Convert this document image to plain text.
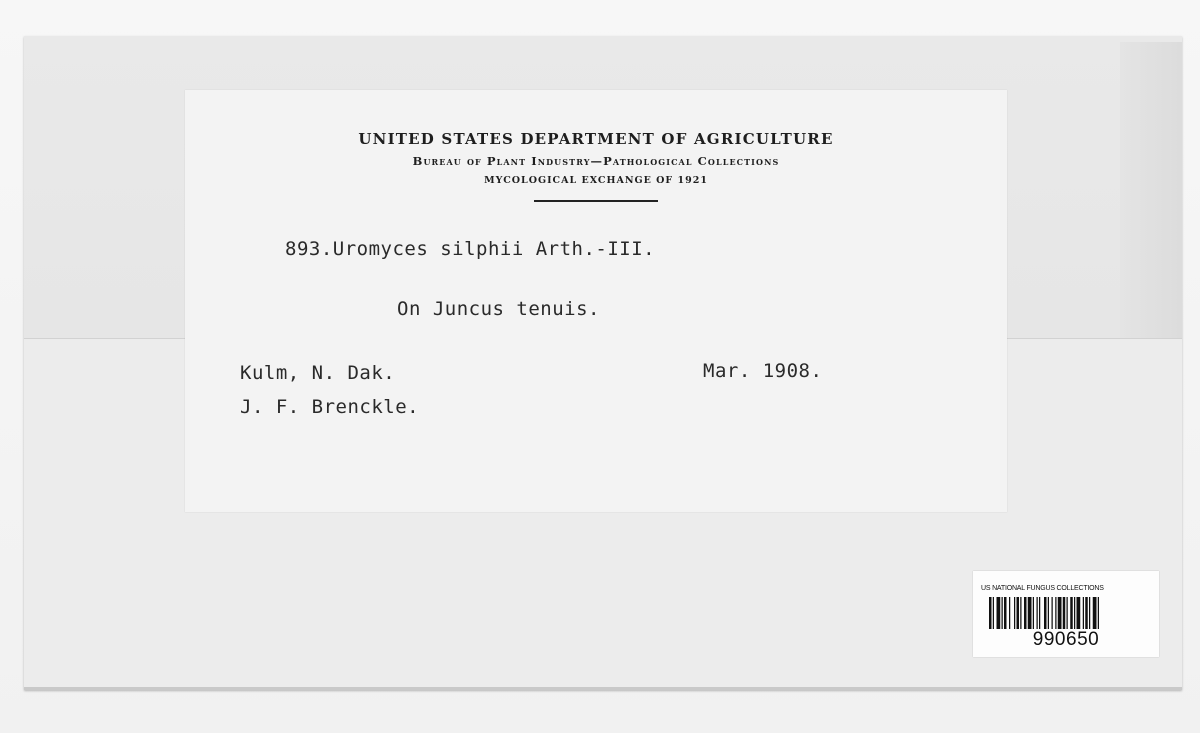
UNITED STATES DEPARTMENT OF AGRICULTURE
Bureau of Plant Industry—Pathological Collections
MYCOLOGICAL EXCHANGE OF 1921
893.Uromyces silphii Arth.-III.
On Juncus tenuis.
Kulm, N. Dak.	Mar. 1908.
J. F. Brenckle.
US NATIONAL FUNGUS COLLECTIONS
990650
